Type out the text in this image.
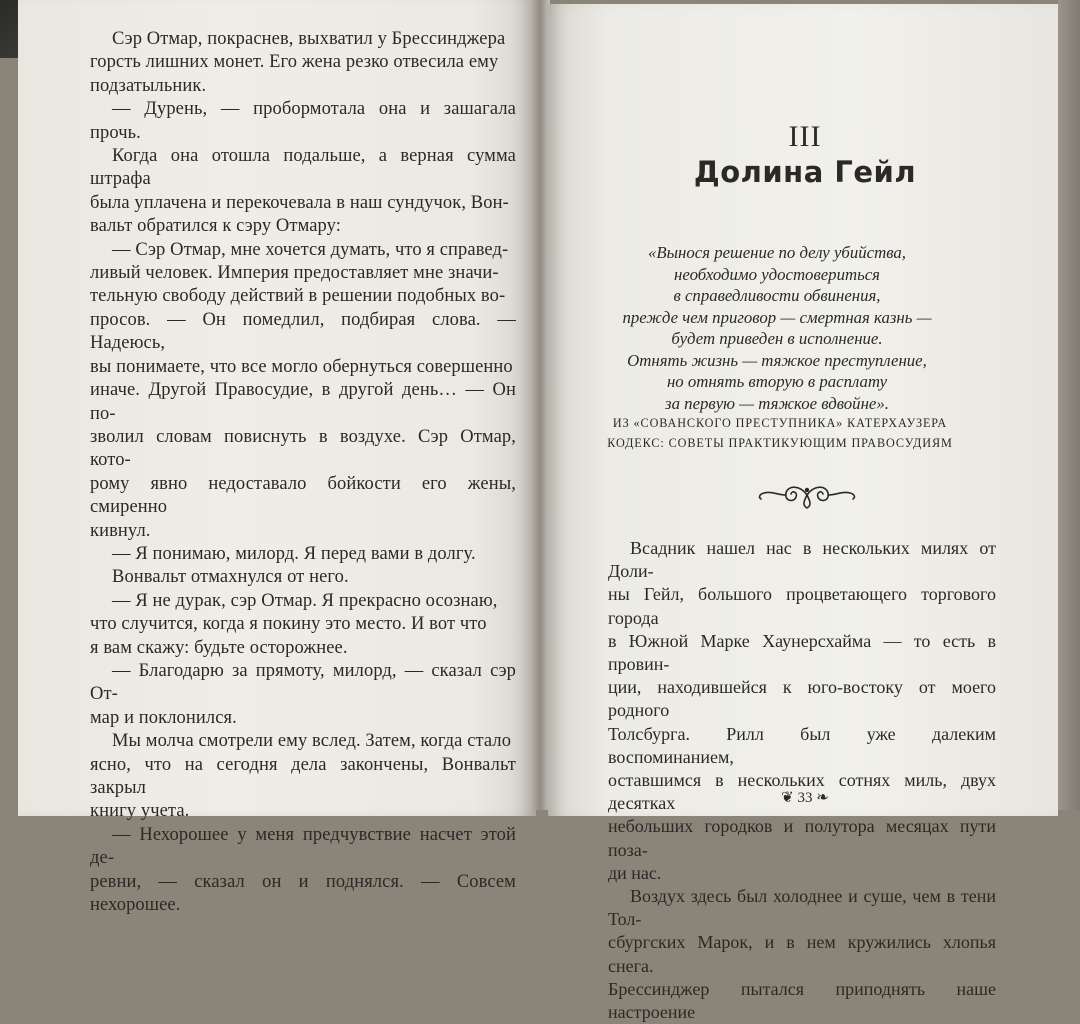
Сэр Отмар, покраснев, выхватил у Брессинджера

горсть лишних монет. Его жена резко отвесила ему

подзатыльник.

— Дурень, — пробормотала она и зашагала прочь.

Когда она отошла подальше, а верная сумма штрафа

была уплачена и перекочевала в наш сундучок, Вон-

вальт обратился к сэру Отмару:

— Сэр Отмар, мне хочется думать, что я справед-

ливый человек. Империя предоставляет мне значи-

тельную свободу действий в решении подобных во-

просов. — Он помедлил, подбирая слова. — Надеюсь,

вы понимаете, что все могло обернуться совершенно

иначе. Другой Правосудие, в другой день… — Он по-

зволил словам повиснуть в воздухе. Сэр Отмар, кото-

рому явно недоставало бойкости его жены, смиренно

кивнул.

— Я понимаю, милорд. Я перед вами в долгу.

Вонвальт отмахнулся от него.

— Я не дурак, сэр Отмар. Я прекрасно осознаю,

что случится, когда я покину это место. И вот что

я вам скажу: будьте осторожнее.

— Благодарю за прямоту, милорд, — сказал сэр От-

мар и поклонился.

Мы молча смотрели ему вслед. Затем, когда стало

ясно, что на сегодня дела закончены, Вонвальт закрыл

книгу учета.

— Нехорошее у меня предчувствие насчет этой де-

ревни, — сказал он и поднялся. — Совсем нехорошее.

III
Долина Гейл

«Вынося решение по делу убийства,

необходимо удостовериться

в справедливости обвинения,

прежде чем приговор — смертная казнь —

будет приведен в исполнение.

Отнять жизнь — тяжкое преступление,

но отнять вторую в расплату

за первую — тяжкое вдвойне».

ИЗ «СОВАНСКОГО ПРЕСТУПНИКА» КАТЕРХАУЗЕРА

КОДЕКС: СОВЕТЫ ПРАКТИКУЮЩИМ ПРАВОСУДИЯМ

Всадник нашел нас в нескольких милях от Доли-

ны Гейл, большого процветающего торгового города

в Южной Марке Хаунерсхайма — то есть в провин-

ции, находившейся к юго-востоку от моего родного

Толсбурга. Рилл был уже далеким воспоминанием,

оставшимся в нескольких сотнях миль, двух десятках

небольших городков и полутора месяцах пути поза-

ди нас.

Воздух здесь был холоднее и суше, чем в тени Тол-

сбургских Марок, и в нем кружились хлопья снега.

Брессинджер пытался приподнять наше настроение

❦ 33 ❧
